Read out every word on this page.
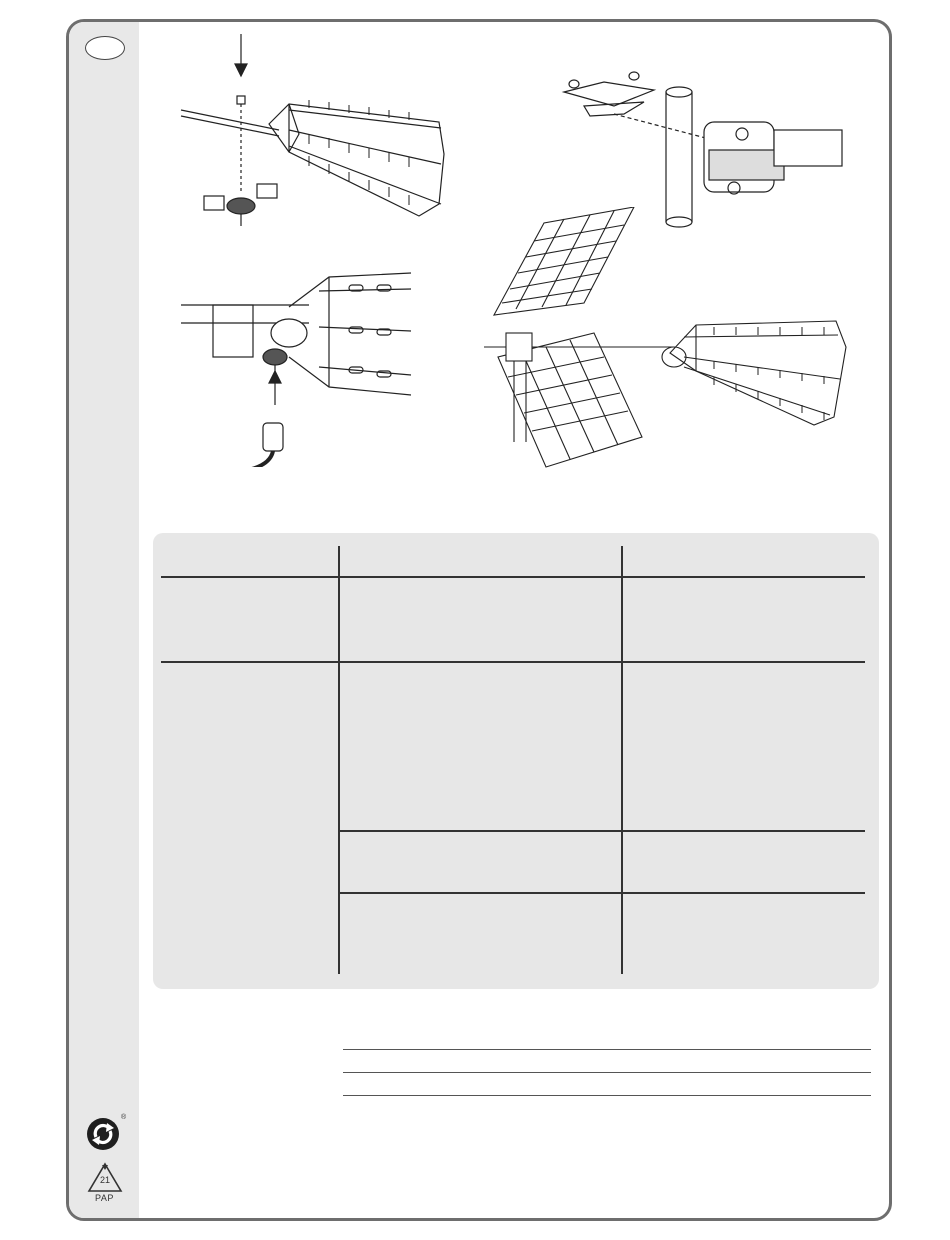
®
21
PAP
